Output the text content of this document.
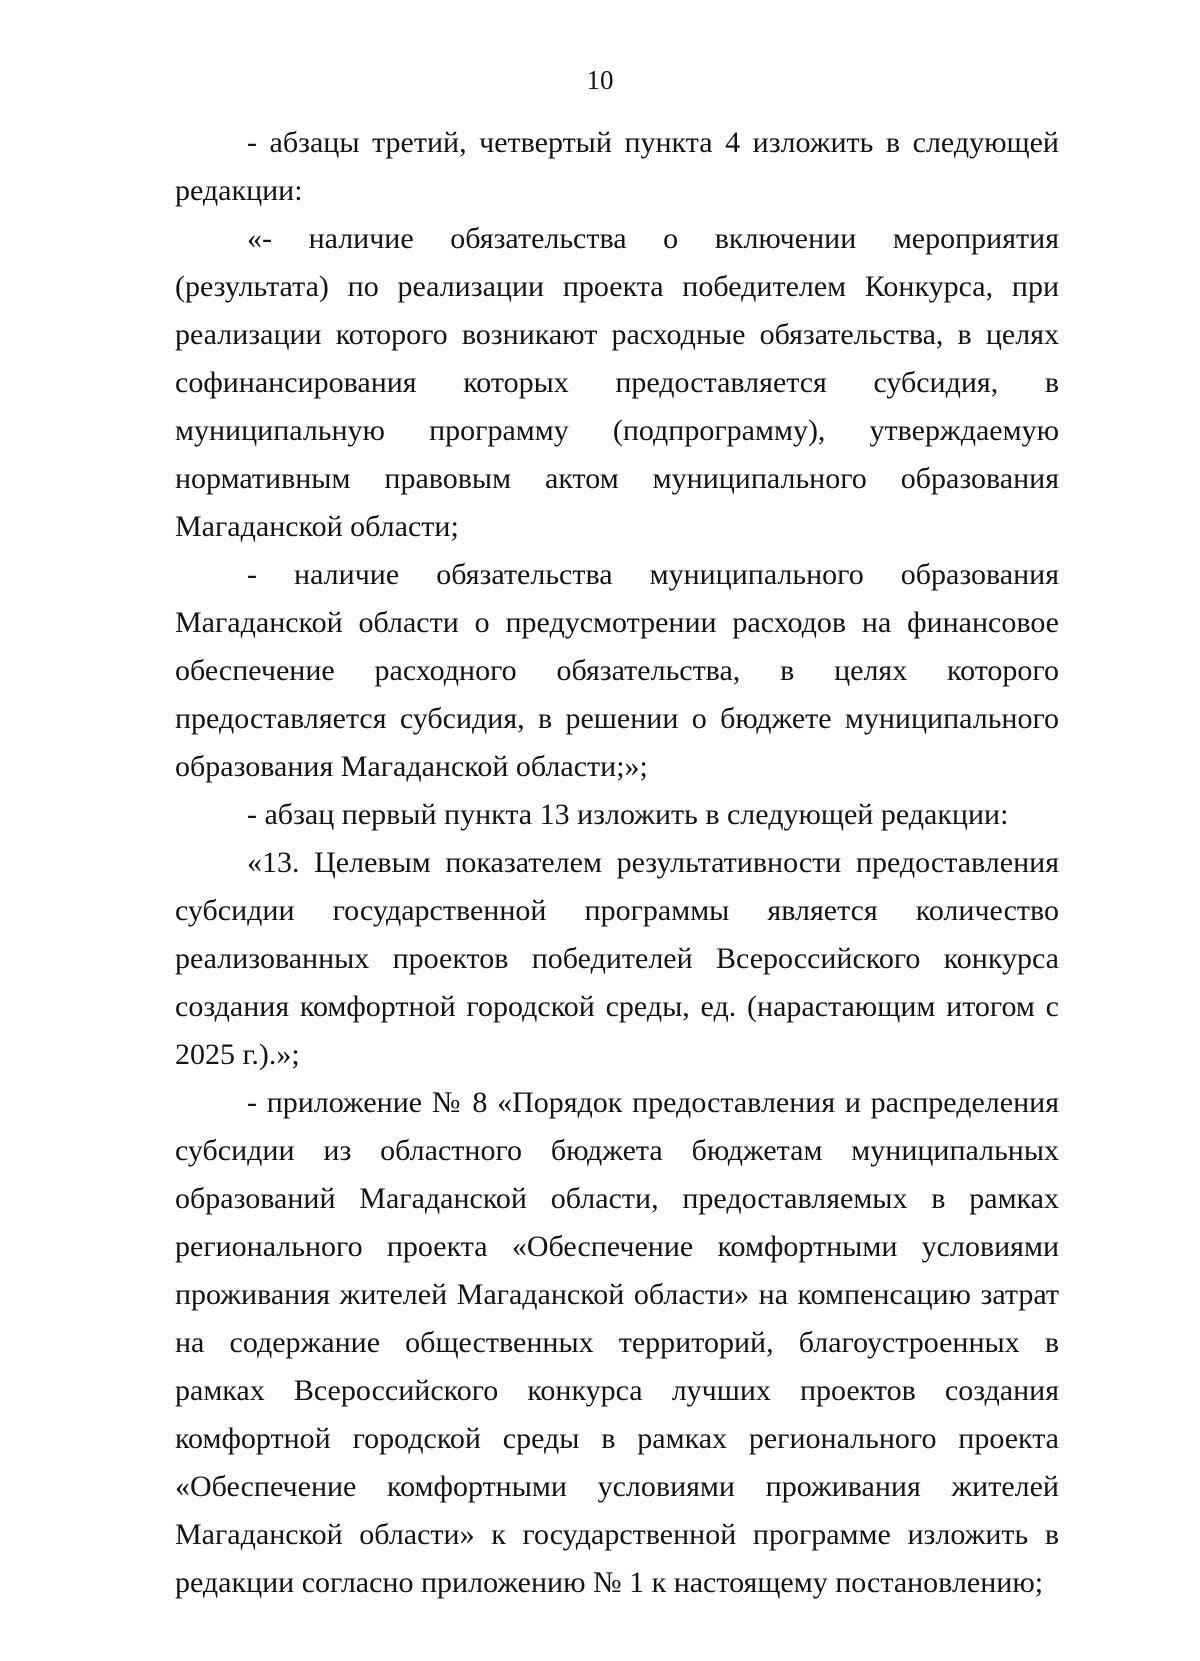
10

- абзацы третий, четвертый пункта 4 изложить в следующей редакции:

«- наличие обязательства о включении мероприятия (результата) по реализации проекта победителем Конкурса, при реализации которого возникают расходные обязательства, в целях софинансирования которых предоставляется субсидия, в муниципальную программу (подпрограмму), утверждаемую нормативным правовым актом муниципального образования Магаданской области;

- наличие обязательства муниципального образования Магаданской области о предусмотрении расходов на финансовое обеспечение расходного обязательства, в целях которого предоставляется субсидия, в решении о бюджете муниципального образования Магаданской области;»;

- абзац первый пункта 13 изложить в следующей редакции:

«13. Целевым показателем результативности предоставления субсидии государственной программы является количество реализованных проектов победителей Всероссийского конкурса создания комфортной городской среды, ед. (нарастающим итогом с 2025 г.).»;

- приложение № 8 «Порядок предоставления и распределения субсидии из областного бюджета бюджетам муниципальных образований Магаданской области, предоставляемых в рамках регионального проекта «Обеспечение комфортными условиями проживания жителей Магаданской области» на компенсацию затрат на содержание общественных территорий, благоустроенных в рамках Всероссийского конкурса лучших проектов создания комфортной городской среды в рамках регионального проекта «Обеспечение комфортными условиями проживания жителей Магаданской области» к государственной программе изложить в редакции согласно приложению № 1 к настоящему постановлению;
